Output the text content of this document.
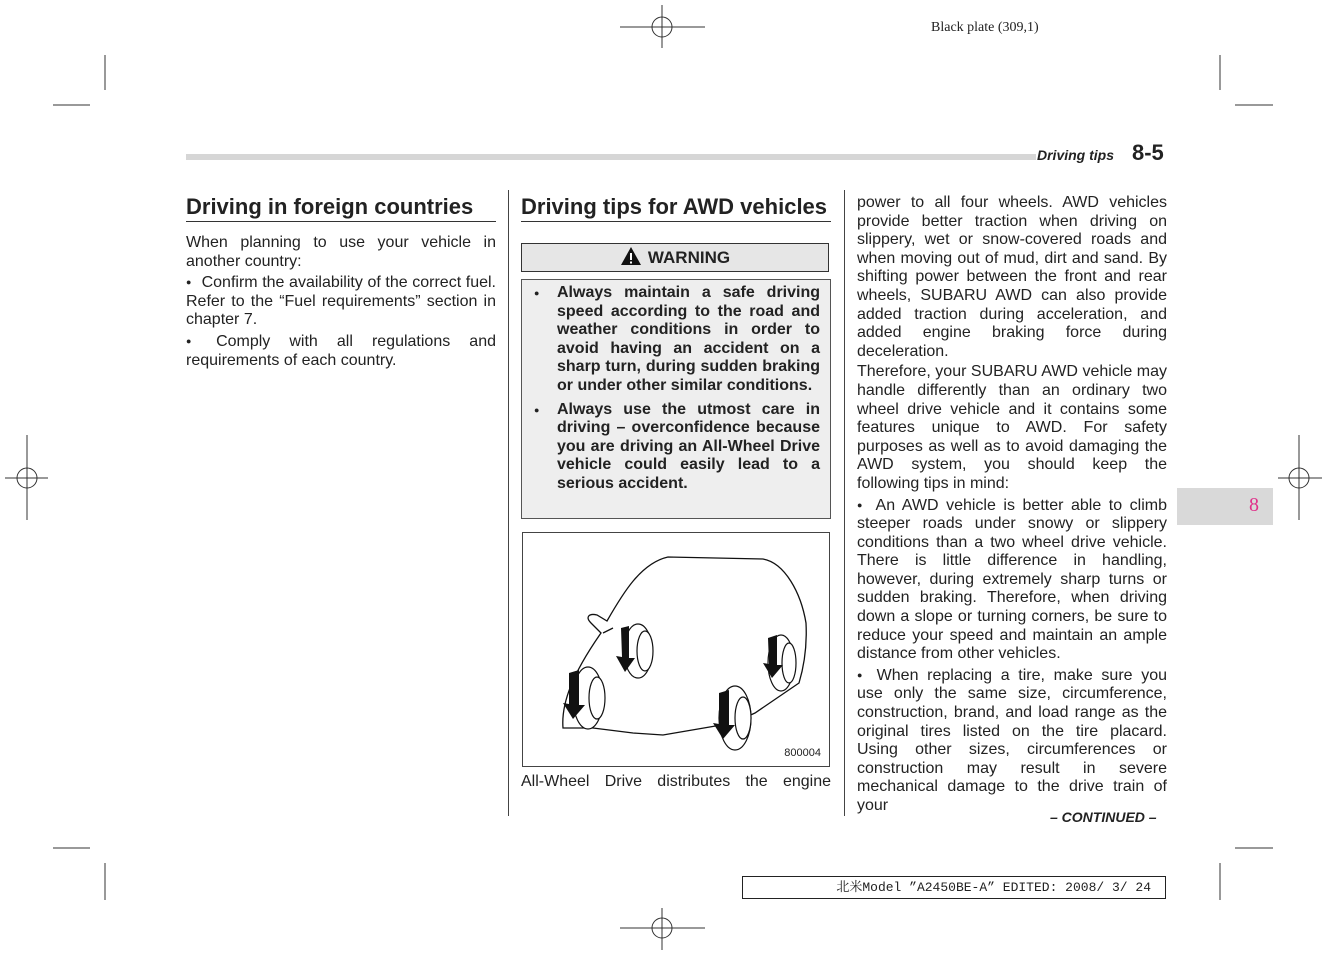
Black plate (309,1)
Driving tips 8-5
Driving in foreign countries

When planning to use your vehicle in another country:

● Confirm the availability of the correct fuel. Refer to the “Fuel requirements” section in chapter 7.

● Comply with all regulations and requirements of each country.

Driving tips for AWD vehicles
WARNING
● Always maintain a safe driving speed according to the road and weather conditions in order to avoid having an accident on a sharp turn, during sudden braking or under other similar conditions.
● Always use the utmost care in driving – overconfidence because you are driving an All-Wheel Drive vehicle could easily lead to a serious accident.
800004
All-Wheel Drive distributes the engine

power to all four wheels. AWD vehicles provide better traction when driving on slippery, wet or snow-covered roads and when moving out of mud, dirt and sand. By shifting power between the front and rear wheels, SUBARU AWD can also provide added traction during acceleration, and added engine braking force during deceleration.

Therefore, your SUBARU AWD vehicle may handle differently than an ordinary two wheel drive vehicle and it contains some features unique to AWD. For safety purposes as well as to avoid damaging the AWD system, you should keep the following tips in mind:

● An AWD vehicle is better able to climb steeper roads under snowy or slippery conditions than a two wheel drive vehicle. There is little difference in handling, however, during extremely sharp turns or sudden braking. Therefore, when driving down a slope or turning corners, be sure to reduce your speed and maintain an ample distance from other vehicles.

● When replacing a tire, make sure you use only the same size, circumference, construction, brand, and load range as the original tires listed on the tire placard. Using other sizes, circumferences or construction may result in severe mechanical damage to the drive train of your

– CONTINUED –
8
北米Model ”A2450BE-A” EDITED: 2008/ 3/ 24
